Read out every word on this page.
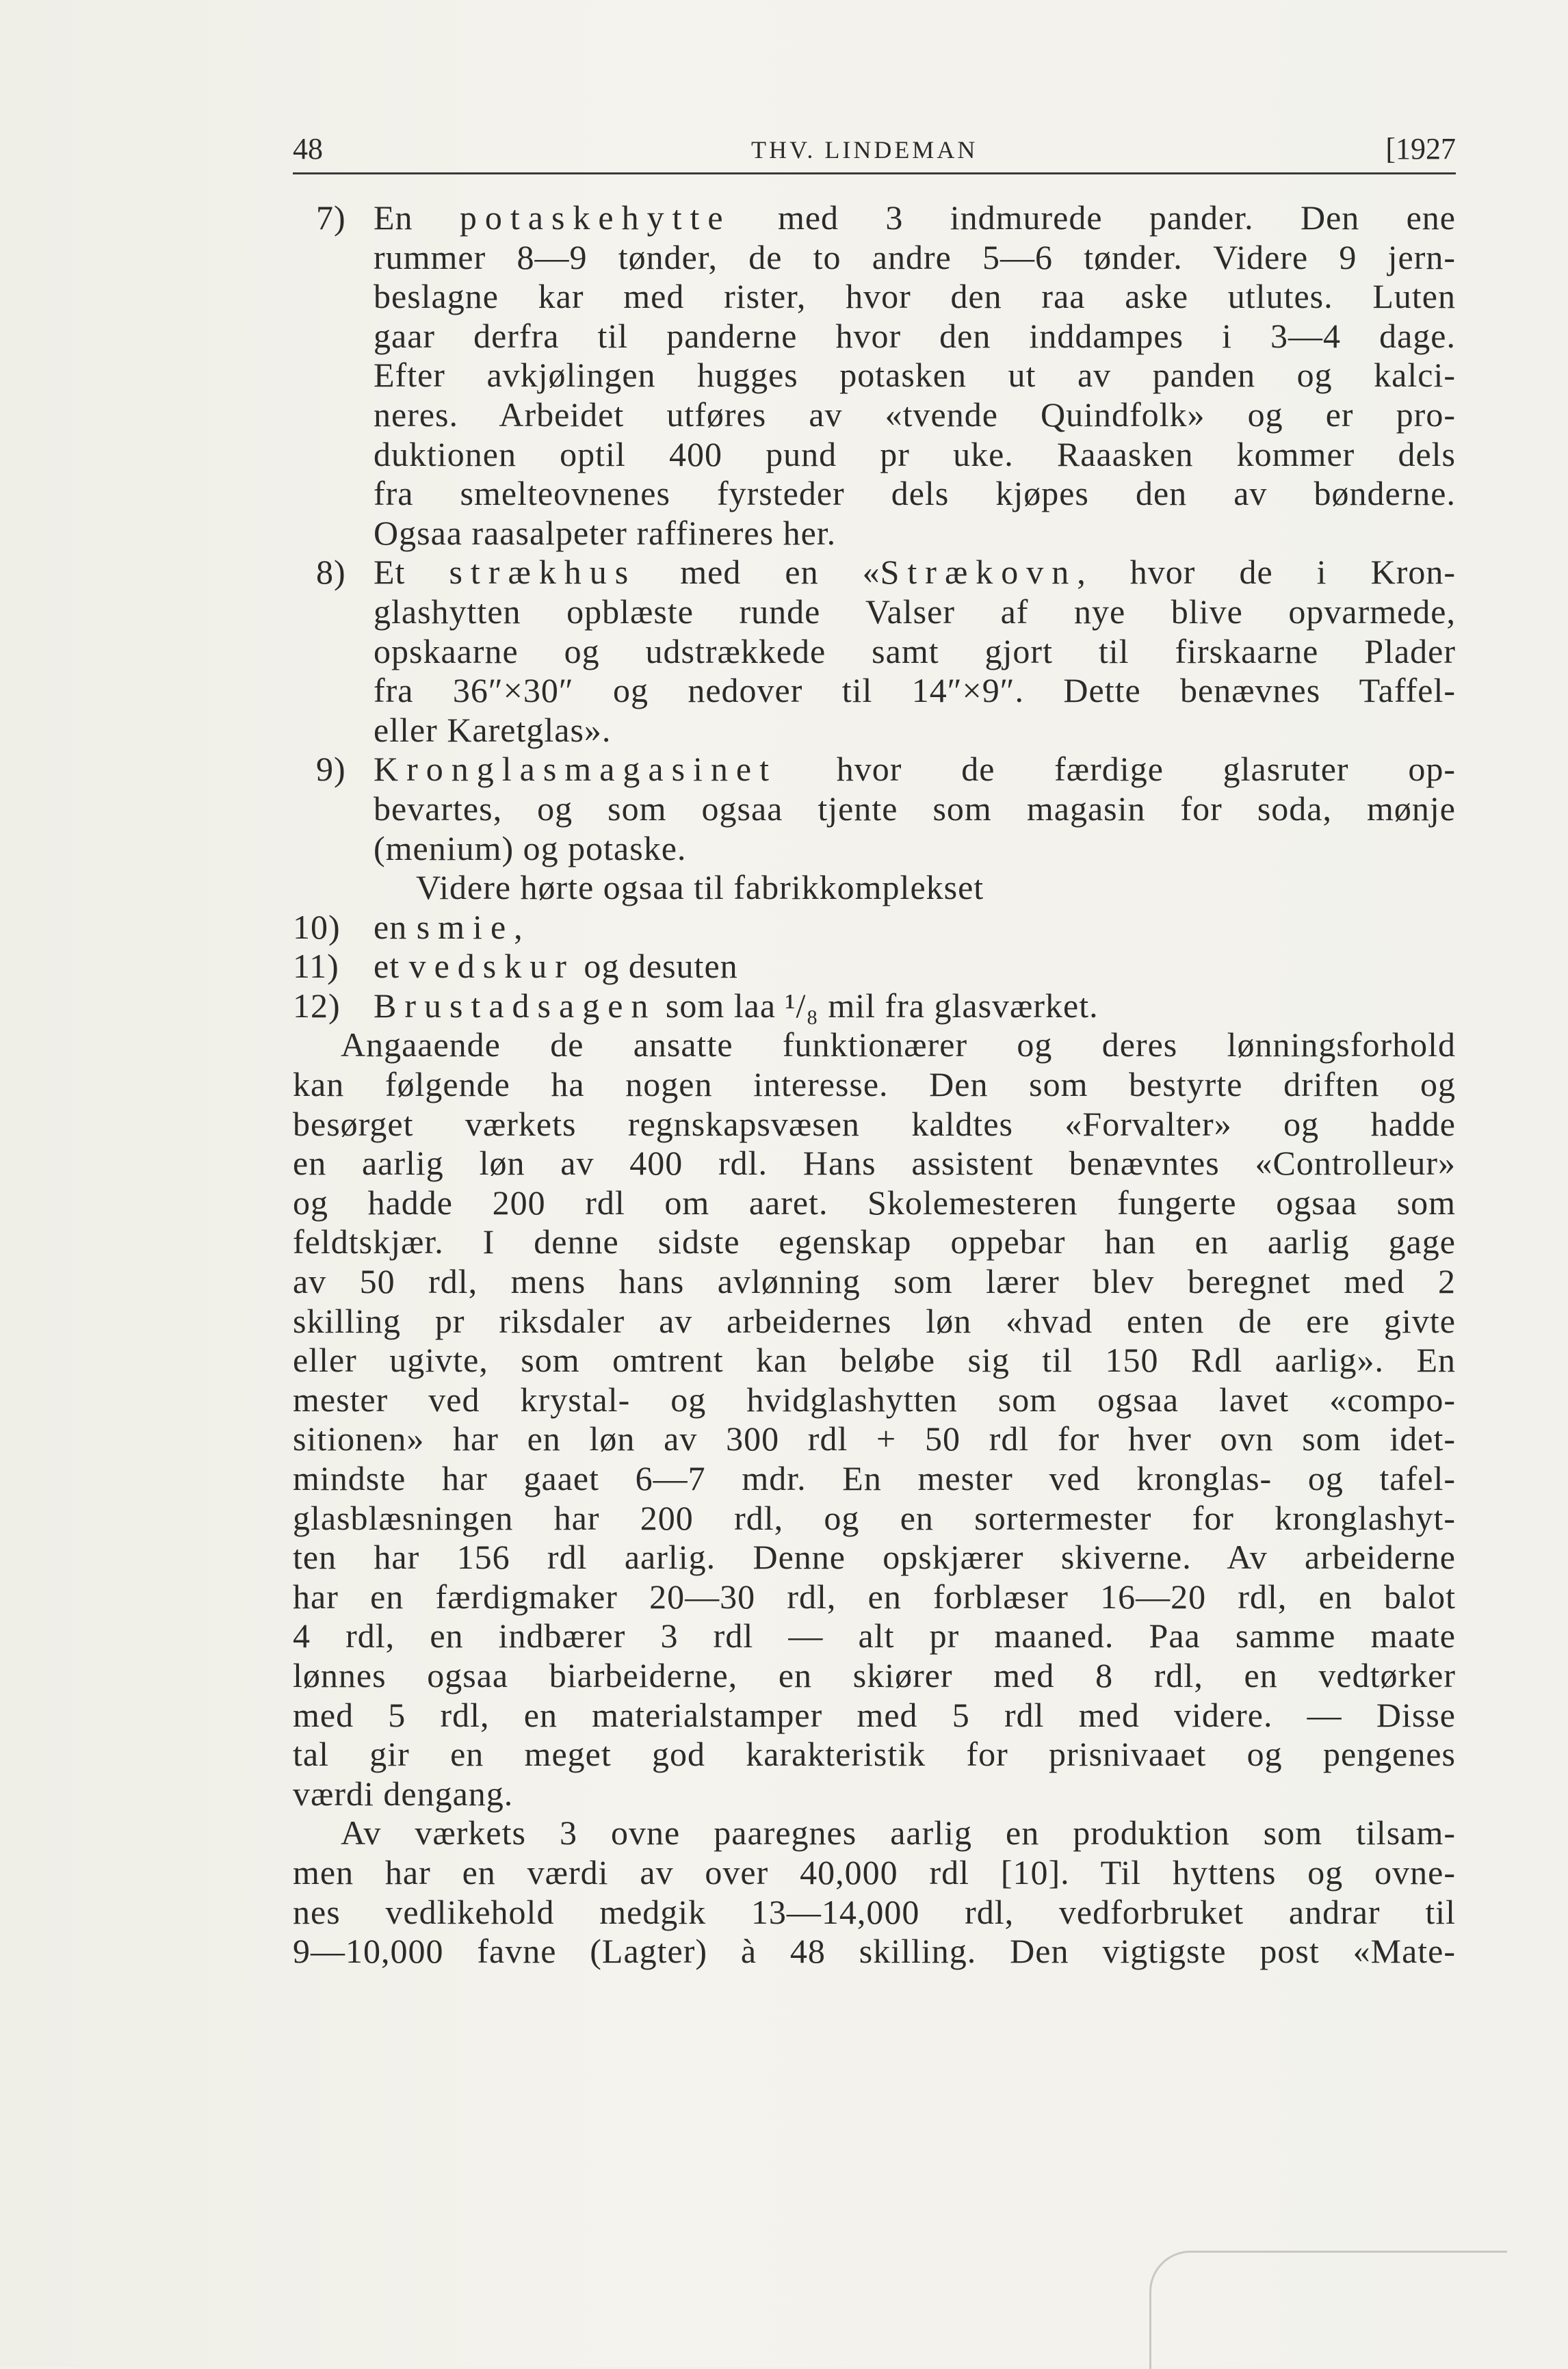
48	THV. LINDEMAN	[1927
7) En potaskehytte med 3 indmurede pander. Den ene
rummer 8—9 tønder, de to andre 5—6 tønder. Videre 9 jern-
beslagne kar med rister, hvor den raa aske utlutes. Luten
gaar derfra til panderne hvor den inddampes i 3—4 dage.
Efter avkjølingen hugges potasken ut av panden og kalci-
neres. Arbeidet utføres av «tvende Quindfolk» og er pro-
duktionen optil 400 pund pr uke. Raaasken kommer dels
fra smelteovnenes fyrsteder dels kjøpes den av bønderne.
Ogsaa raasalpeter raffineres her.
8) Et strækhus med en «Strækovn, hvor de i Kron-
glashytten opblæste runde Valser af nye blive opvarmede,
opskaarne og udstrækkede samt gjort til firskaarne Plader
fra 36″×30″ og nedover til 14″×9″. Dette benævnes Taffel-
eller Karetglas».
9) Kronglasmagasinet hvor de færdige glasruter op-
bevartes, og som ogsaa tjente som magasin for soda, mønje
(menium) og potaske.
Videre hørte ogsaa til fabrikkomplekset
10) en smie,
11) et vedskur og desuten
12) Brustadsagen som laa ¹/₈ mil fra glasværket.
Angaaende de ansatte funktionærer og deres lønningsforhold
kan følgende ha nogen interesse. Den som bestyrte driften og
besørget værkets regnskapsvæsen kaldtes «Forvalter» og hadde
en aarlig løn av 400 rdl. Hans assistent benævntes «Controlleur»
og hadde 200 rdl om aaret. Skolemesteren fungerte ogsaa som
feldtskjær. I denne sidste egenskap oppebar han en aarlig gage
av 50 rdl, mens hans avlønning som lærer blev beregnet med 2
skilling pr riksdaler av arbeidernes løn «hvad enten de ere givte
eller ugivte, som omtrent kan beløbe sig til 150 Rdl aarlig». En
mester ved krystal- og hvidglashytten som ogsaa lavet «compo-
sitionen» har en løn av 300 rdl + 50 rdl for hver ovn som idet-
mindste har gaaet 6—7 mdr. En mester ved kronglas- og tafel-
glasblæsningen har 200 rdl, og en sortermester for kronglashyt-
ten har 156 rdl aarlig. Denne opskjærer skiverne. Av arbeiderne
har en færdigmaker 20—30 rdl, en forblæser 16—20 rdl, en balot
4 rdl, en indbærer 3 rdl — alt pr maaned. Paa samme maate
lønnes ogsaa biarbeiderne, en skiører med 8 rdl, en vedtørker
med 5 rdl, en materialstamper med 5 rdl med videre. — Disse
tal gir en meget god karakteristik for prisnivaaet og pengenes
værdi dengang.
Av værkets 3 ovne paaregnes aarlig en produktion som tilsam-
men har en værdi av over 40,000 rdl [10]. Til hyttens og ovne-
nes vedlikehold medgik 13—14,000 rdl, vedforbruket andrar til
9—10,000 favne (Lagter) à 48 skilling. Den vigtigste post «Mate-
